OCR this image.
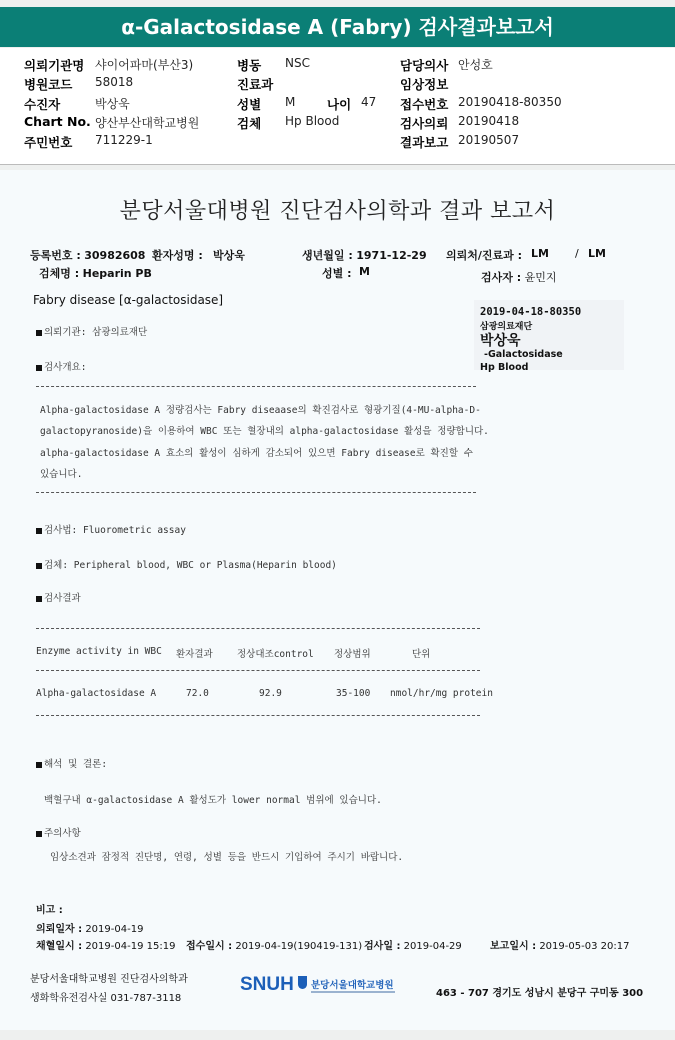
α-Galactosidase A (Fabry) 검사결과보고서
의뢰기관명 샤이어파마(부산3)
병원코드 58018
수진자	박상욱
Chart No. 양산부산대학교병원
주민번호 711229-1
병동 NSC
진료과
성별 M	나이 47
검체 Hp Blood
담당의사 안성호
임상정보
접수번호 20190418-80350
검사의뢰 20190418
결과보고 20190507
분당서울대병원 진단검사의학과 결과 보고서
등록번호 : 30982608 환자성명 : 박상욱	생년월일 : 1971-12-29 의뢰처/진료과 : LM / LM
검체명 : Heparin PB	성별 : M	검사자 : 윤민지
Fabry disease [α-galactosidase]
2019-04-18-80350
삼광의료재단
박상욱
-Galactosidase
Hp Blood
의뢰기관: 삼광의료재단
검사개요:
Alpha-galactosidase A 정량검사는 Fabry diseaase의 확진검사로 형광기질(4-MU-alpha-D-
galactopyranoside)을 이용하여 WBC 또는 혈장내의 alpha-galactosidase 활성을 정량합니다.
alpha-galactosidase A 효소의 활성이 심하게 감소되어 있으면 Fabry disease로 확진할 수
있습니다.
검사법: Fluorometric assay
검체: Peripheral blood, WBC or Plasma(Heparin blood)
검사결과
Enzyme activity in WBC 환자결과	정상대조control 정상범위	단위
Alpha-galactosidase A	72.0	92.9	35-100 nmol/hr/mg protein
해석 및 결론:
백혈구내 α-galactosidase A 활성도가 lower normal 범위에 있습니다.
주의사항
임상소견과 잠정적 진단명, 연령, 성별 등을 반드시 기입하여 주시기 바랍니다.
비고 :
의뢰일자 : 2019-04-19
채혈일시 : 2019-04-19 15:19 접수일시 : 2019-04-19(190419-131) 검사일 : 2019-04-29	보고일시 : 2019-05-03 20:17
분당서울대학교병원 진단검사의학과
생화학유전검사실 031-787-3118
SNUH 분당서울대학교병원
463 - 707 경기도 성남시 분당구 구미동 300
